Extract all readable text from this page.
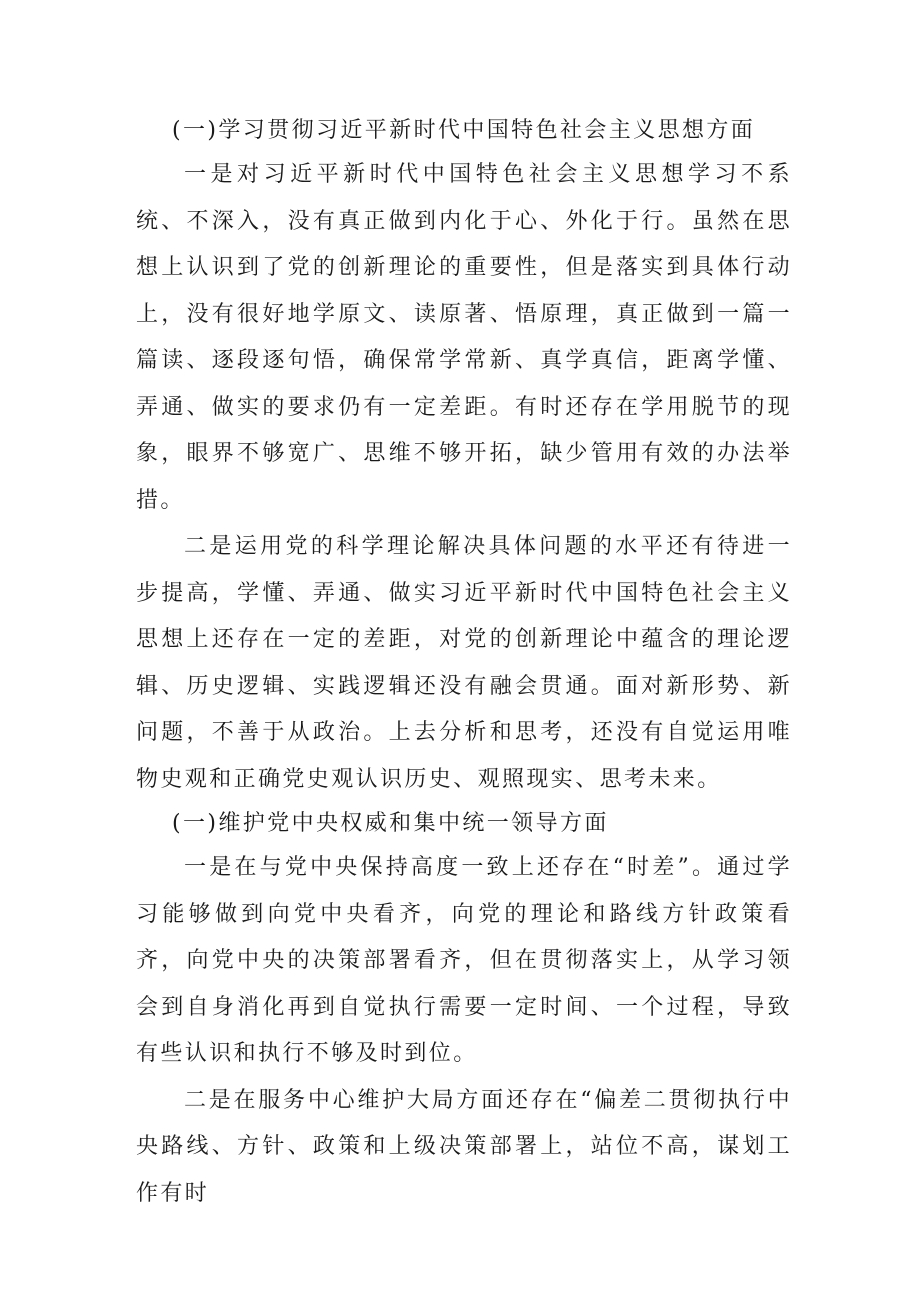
(一)学习贯彻习近平新时代中国特色社会主义思想方面

一是对习近平新时代中国特色社会主义思想学习不系统、不深入，没有真正做到内化于心、外化于行。虽然在思想上认识到了党的创新理论的重要性，但是落实到具体行动上，没有很好地学原文、读原著、悟原理，真正做到一篇一篇读、逐段逐句悟，确保常学常新、真学真信，距离学懂、弄通、做实的要求仍有一定差距。有时还存在学用脱节的现象，眼界不够宽广、思维不够开拓，缺少管用有效的办法举措。

二是运用党的科学理论解决具体问题的水平还有待进一步提高，学懂、弄通、做实习近平新时代中国特色社会主义思想上还存在一定的差距，对党的创新理论中蕴含的理论逻辑、历史逻辑、实践逻辑还没有融会贯通。面对新形势、新问题，不善于从政治。上去分析和思考，还没有自觉运用唯物史观和正确党史观认识历史、观照现实、思考未来。

(一)维护党中央权威和集中统一领导方面

一是在与党中央保持高度一致上还存在“时差”。通过学习能够做到向党中央看齐，向党的理论和路线方针政策看齐，向党中央的决策部署看齐，但在贯彻落实上，从学习领会到自身消化再到自觉执行需要一定时间、一个过程，导致有些认识和执行不够及时到位。

二是在服务中心维护大局方面还存在“偏差二贯彻执行中央路线、方针、政策和上级决策部署上，站位不高，谋划工作有时
